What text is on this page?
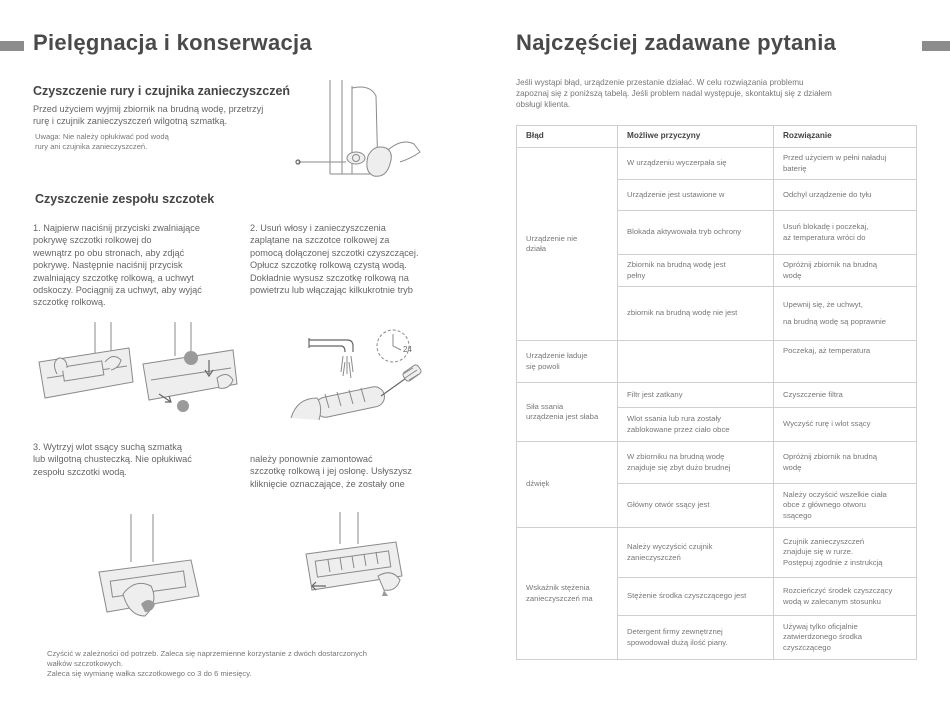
Pielęgnacja i konserwacja
Czyszczenie rury i czujnika zanieczyszczeń
Przed użyciem wyjmij zbiornik na brudną wodę, przetrzyj
rurę i czujnik zanieczyszczeń wilgotną szmatką.
Uwaga: Nie należy opłukiwać pod wodą
rury ani czujnika zanieczyszczeń.
Czyszczenie zespołu szczotek
1. Najpierw naciśnij przyciski zwalniające
pokrywę szczotki rolkowej do
wewnątrz po obu stronach, aby zdjąć
pokrywę. Następnie naciśnij przycisk
zwalniający szczotkę rolkową, a uchwyt
odskoczy. Pociągnij za uchwyt, aby wyjąć
szczotkę rolkową.
2. Usuń włosy i zanieczyszczenia
zaplątane na szczotce rolkowej za
pomocą dołączonej szczotki czyszczącej.
Opłucz szczotkę rolkową czystą wodą.
Dokładnie wysusz szczotkę rolkową na
powietrzu lub włączając kilkukrotnie tryb
24
3. Wytrzyj wlot ssący suchą szmatką
lub wilgotną chusteczką. Nie opłukiwać
zespołu szczotki wodą.
należy ponownie zamontować
szczotkę rolkową i jej osłonę. Usłyszysz
kliknięcie oznaczające, że zostały one
Czyścić w zależności od potrzeb. Zaleca się naprzemienne korzystanie z dwóch dostarczonych
wałków szczotkowych.
Zaleca się wymianę wałka szczotkowego co 3 do 6 miesięcy.
Najczęściej zadawane pytania
Jeśli wystąpi błąd, urządzenie przestanie działać. W celu rozwiązania problemu
zapoznaj się z poniższą tabelą. Jeśli problem nadal występuje, skontaktuj się z działem
obsługi klienta.
Błąd	Możliwe przyczyny	Rozwiązanie

Urządzenie nie
działa	W urządzeniu wyczerpała się	Przed użyciem w pełni naładuj
baterię

	Urządzenie jest ustawione w	Odchyl urządzenie do tyłu

	Blokada aktywowała tryb ochrony	Usuń blokadę i poczekaj,
aż temperatura wróci do

	Zbiornik na brudną wodę jest
pełny	Opróżnij zbiornik na brudną
wodę

	zbiornik na brudną wodę nie jest	Upewnij się, że uchwyt,
na brudną wodę są poprawnie

Urządzenie ładuje
się powoli		Poczekaj, aż temperatura

Siła ssania
urządzenia jest słaba	Filtr jest zatkany	Czyszczenie filtra

	Wlot ssania lub rura zostały
zablokowane przez ciało obce	Wyczyść rurę i wlot ssący

dźwięk	W zbiorniku na brudną wodę
znajduje się zbyt dużo brudnej	Opróżnij zbiornik na brudną
wodę

	Główny otwór ssący jest	Należy oczyścić wszelkie ciała
obce z głównego otworu
ssącego

Wskaźnik stężenia
zanieczyszczeń ma	Należy wyczyścić czujnik
zanieczyszczeń	Czujnik zanieczyszczeń
znajduje się w rurze.
Postępuj zgodnie z instrukcją

	Stężenie środka czyszczącego jest	Rozcieńczyć środek czyszczący
wodą w zalecanym stosunku

	Detergent firmy zewnętrznej
spowodował dużą ilość piany.	Używaj tylko oficjalnie
zatwierdzonego środka
czyszczącego
